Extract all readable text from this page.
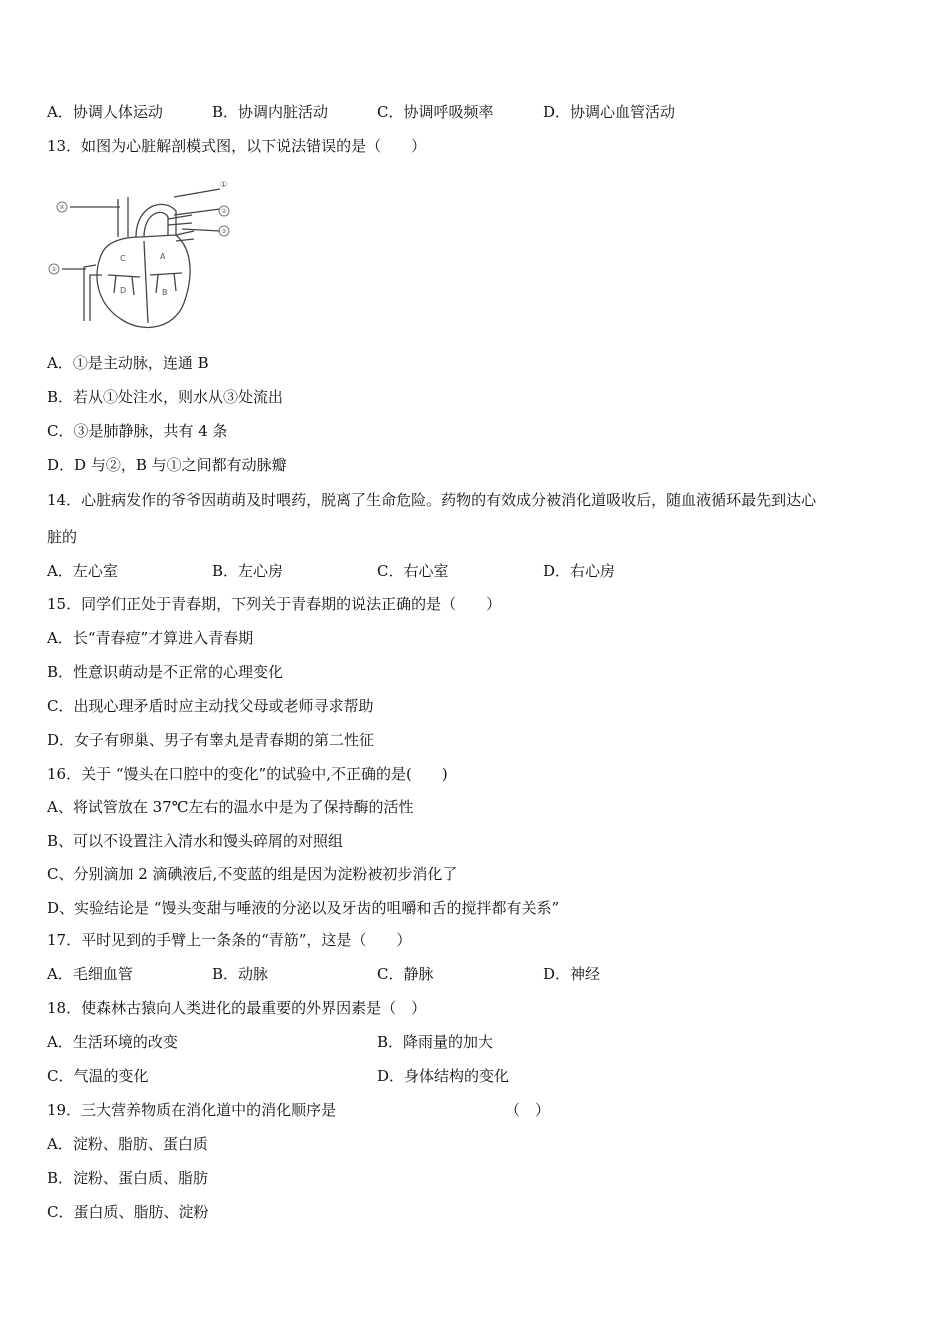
A．协调人体运动	B．协调内脏活动	C．协调呼吸频率	D．协调心血管活动
13．如图为心脏解剖模式图，以下说法错误的是（　　）
①
C	A
B
D
④
⑤
②
③
A．①是主动脉，连通 B
B．若从①处注水，则水从③处流出
C．③是肺静脉，共有 4 条
D．D 与②，B 与①之间都有动脉瓣
14．心脏病发作的爷爷因萌萌及时喂药，脱离了生命危险。药物的有效成分被消化道吸收后，随血液循环最先到达心
脏的
A．左心室	B．左心房	C．右心室	D．右心房
15．同学们正处于青春期，下列关于青春期的说法正确的是（　　）
A．长“青春痘”才算进入青春期
B．性意识萌动是不正常的心理变化
C．出现心理矛盾时应主动找父母或老师寻求帮助
D．女子有卵巢、男子有睾丸是青春期的第二性征
16．关于 “馒头在口腔中的变化”的试验中,不正确的是(　　)
A、将试管放在 37℃左右的温水中是为了保持酶的活性
B、可以不设置注入清水和馒头碎屑的对照组
C、分别滴加 2 滴碘液后,不变蓝的组是因为淀粉被初步消化了
D、实验结论是 “馒头变甜与唾液的分泌以及牙齿的咀嚼和舌的搅拌都有关系”
17．平时见到的手臂上一条条的“青筋”，这是（　　）
A．毛细血管	B．动脉	C．静脉	D．神经
18．使森林古猿向人类进化的最重要的外界因素是（　）
A．生活环境的改变	B．降雨量的加大
C．气温的变化	D．身体结构的变化
19．三大营养物质在消化道中的消化顺序是	（　）
A．淀粉、脂肪、蛋白质
B．淀粉、蛋白质、脂肪
C．蛋白质、脂肪、淀粉
